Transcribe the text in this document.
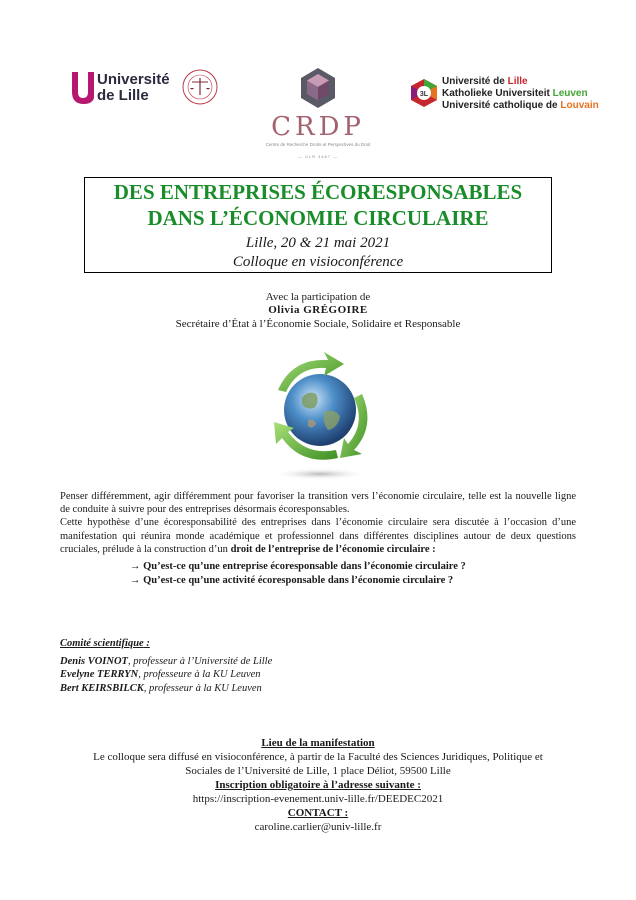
Université
de Lille
CRDP
Centre de Recherche Droits et Perspectives du Droit
— ULR 4487 —
3L
Université de Lille
Katholieke Universiteit Leuven
Université catholique de Louvain
DES ENTREPRISES ÉCORESPONSABLES
DANS L’ÉCONOMIE CIRCULAIRE
Lille, 20 & 21 mai 2021
Colloque en visioconférence
Avec la participation de
Olivia GRÉGOIRE
Secrétaire d’État à l’Économie Sociale, Solidaire et Responsable

Penser différemment, agir différemment pour favoriser la transition vers l’économie circulaire, telle est la nouvelle ligne de conduite à suivre pour des entreprises désormais écoresponsables.

Cette hypothèse d’une écoresponsabilité des entreprises dans l’économie circulaire sera discutée à l’occasion d’une manifestation qui réunira monde académique et professionnel dans différentes disciplines autour de deux questions cruciales, prélude à la construction d’un droit de l’entreprise de l’économie circulaire :

→ Qu’est-ce qu’une entreprise écoresponsable dans l’économie circulaire ?
→ Qu’est-ce qu’une activité écoresponsable dans l’économie circulaire ?
Comité scientifique :
Denis VOINOT, professeur à l’Université de Lille
Evelyne TERRYN, professeure à la KU Leuven
Bert KEIRSBILCK, professeur à la KU Leuven
Lieu de la manifestation
Le colloque sera diffusé en visioconférence, à partir de la Faculté des Sciences Juridiques, Politique et
Sociales de l’Université de Lille, 1 place Déliot, 59500 Lille
Inscription obligatoire à l’adresse suivante :
https://inscription-evenement.univ-lille.fr/DEEDEC2021
CONTACT :
caroline.carlier@univ-lille.fr
